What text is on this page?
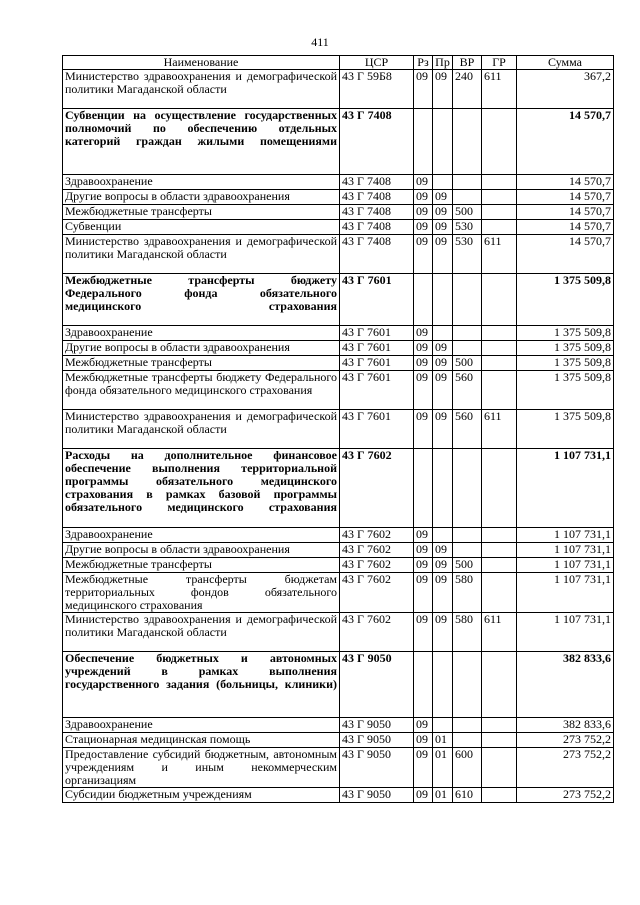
411
Наименование	ЦСР	Рз	Пр	ВР	ГР	Сумма
Министерство здравоохранения и демографической политики Магаданской области	43 Г 59Б8	09	09	240	611	367,2
Субвенции на осуществление государственных полномочий по обеспечению отдельных категорий граждан жилыми помещениями	43 Г 7408					14 570,7
Здравоохранение	43 Г 7408	09				14 570,7
Другие вопросы в области здравоохранения	43 Г 7408	09	09			14 570,7
Межбюджетные трансферты	43 Г 7408	09	09	500		14 570,7
Субвенции	43 Г 7408	09	09	530		14 570,7
Министерство здравоохранения и демографической политики Магаданской области	43 Г 7408	09	09	530	611	14 570,7
Межбюджетные трансферты бюджету Федерального фонда обязательного медицинского страхования	43 Г 7601					1 375 509,8
Здравоохранение	43 Г 7601	09				1 375 509,8
Другие вопросы в области здравоохранения	43 Г 7601	09	09			1 375 509,8
Межбюджетные трансферты	43 Г 7601	09	09	500		1 375 509,8
Межбюджетные трансферты бюджету Федерального фонда обязательного медицинского страхования	43 Г 7601	09	09	560		1 375 509,8
Министерство здравоохранения и демографической политики Магаданской области	43 Г 7601	09	09	560	611	1 375 509,8
Расходы на дополнительное финансовое обеспечение выполнения территориальной программы обязательного медицинского страхования в рамках базовой программы обязательного медицинского страхования	43 Г 7602					1 107 731,1
Здравоохранение	43 Г 7602	09				1 107 731,1
Другие вопросы в области здравоохранения	43 Г 7602	09	09			1 107 731,1
Межбюджетные трансферты	43 Г 7602	09	09	500		1 107 731,1
Межбюджетные трансферты бюджетам территориальных фондов обязательного медицинского страхования	43 Г 7602	09	09	580		1 107 731,1
Министерство здравоохранения и демографической политики Магаданской области	43 Г 7602	09	09	580	611	1 107 731,1
Обеспечение бюджетных и автономных учреждений в рамках выполнения государственного задания (больницы, клиники)	43 Г 9050					382 833,6
Здравоохранение	43 Г 9050	09				382 833,6
Стационарная медицинская помощь	43 Г 9050	09	01			273 752,2
Предоставление субсидий бюджетным, автономным учреждениям и иным некоммерческим организациям	43 Г 9050	09	01	600		273 752,2
Субсидии бюджетным учреждениям	43 Г 9050	09	01	610		273 752,2
